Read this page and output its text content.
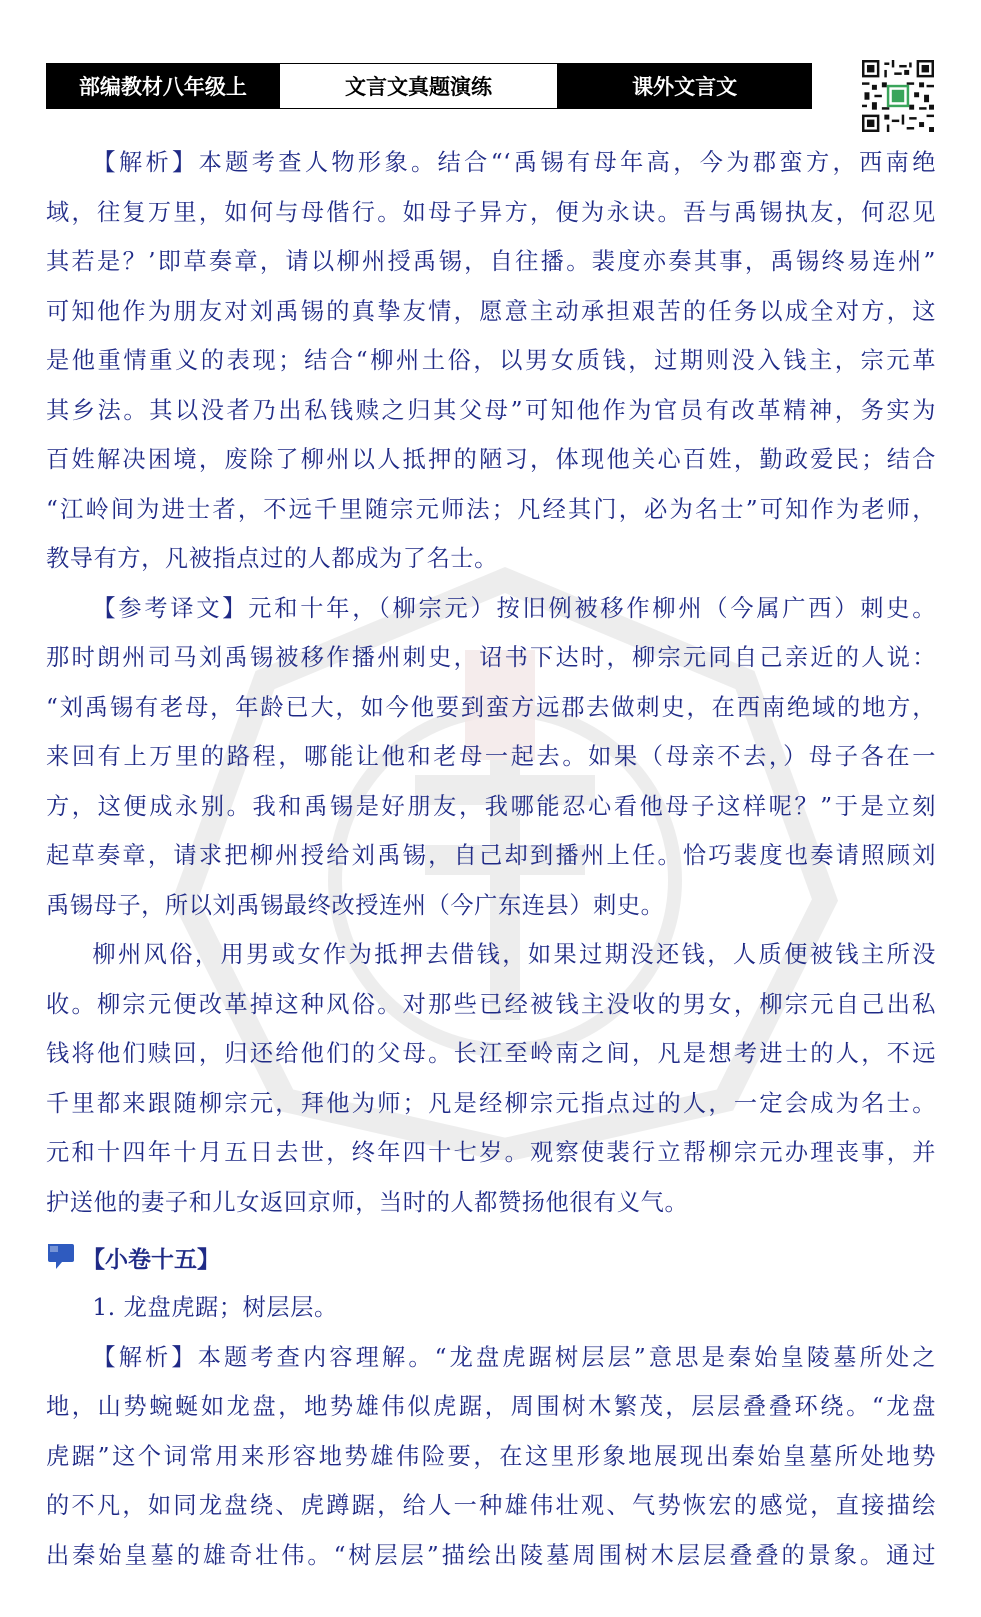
部编教材八年级上	文言文真题演练	课外文言文

【解析】本题考查人物形象。结合“‘禹锡有母年高，今为郡蛮方，西南绝
域，往复万里，如何与母偕行。如母子异方，便为永诀。吾与禹锡执友，何忍见
其若是？’即草奏章，请以柳州授禹锡，自往播。裴度亦奏其事，禹锡终易连州”
可知他作为朋友对刘禹锡的真挚友情，愿意主动承担艰苦的任务以成全对方，这
是他重情重义的表现；结合“柳州土俗，以男女质钱，过期则没入钱主，宗元革
其乡法。其以没者乃出私钱赎之归其父母”可知他作为官员有改革精神，务实为
百姓解决困境，废除了柳州以人抵押的陋习，体现他关心百姓，勤政爱民；结合
“江岭间为进士者，不远千里随宗元师法；凡经其门，必为名士”可知作为老师，
教导有方，凡被指点过的人都成为了名士。

【参考译文】元和十年，（柳宗元）按旧例被移作柳州（今属广西）刺史。
那时朗州司马刘禹锡被移作播州刺史，诏书下达时，柳宗元同自己亲近的人说：
“刘禹锡有老母，年龄已大，如今他要到蛮方远郡去做刺史，在西南绝域的地方，
来回有上万里的路程，哪能让他和老母一起去。如果（母亲不去，）母子各在一
方，这便成永别。我和禹锡是好朋友，我哪能忍心看他母子这样呢？”于是立刻
起草奏章，请求把柳州授给刘禹锡，自己却到播州上任。恰巧裴度也奏请照顾刘
禹锡母子，所以刘禹锡最终改授连州（今广东连县）刺史。

柳州风俗，用男或女作为抵押去借钱，如果过期没还钱，人质便被钱主所没
收。柳宗元便改革掉这种风俗。对那些已经被钱主没收的男女，柳宗元自己出私
钱将他们赎回，归还给他们的父母。长江至岭南之间，凡是想考进士的人，不远
千里都来跟随柳宗元，拜他为师；凡是经柳宗元指点过的人，一定会成为名士。
元和十四年十月五日去世，终年四十七岁。观察使裴行立帮柳宗元办理丧事，并
护送他的妻子和儿女返回京师，当时的人都赞扬他很有义气。

【小卷十五】

1. 龙盘虎踞；树层层。

【解析】本题考查内容理解。“龙盘虎踞树层层”意思是秦始皇陵墓所处之
地，山势蜿蜒如龙盘，地势雄伟似虎踞，周围树木繁茂，层层叠叠环绕。“龙盘
虎踞”这个词常用来形容地势雄伟险要，在这里形象地展现出秦始皇墓所处地势
的不凡，如同龙盘绕、虎蹲踞，给人一种雄伟壮观、气势恢宏的感觉，直接描绘
出秦始皇墓的雄奇壮伟。“树层层”描绘出陵墓周围树木层层叠叠的景象。通过
